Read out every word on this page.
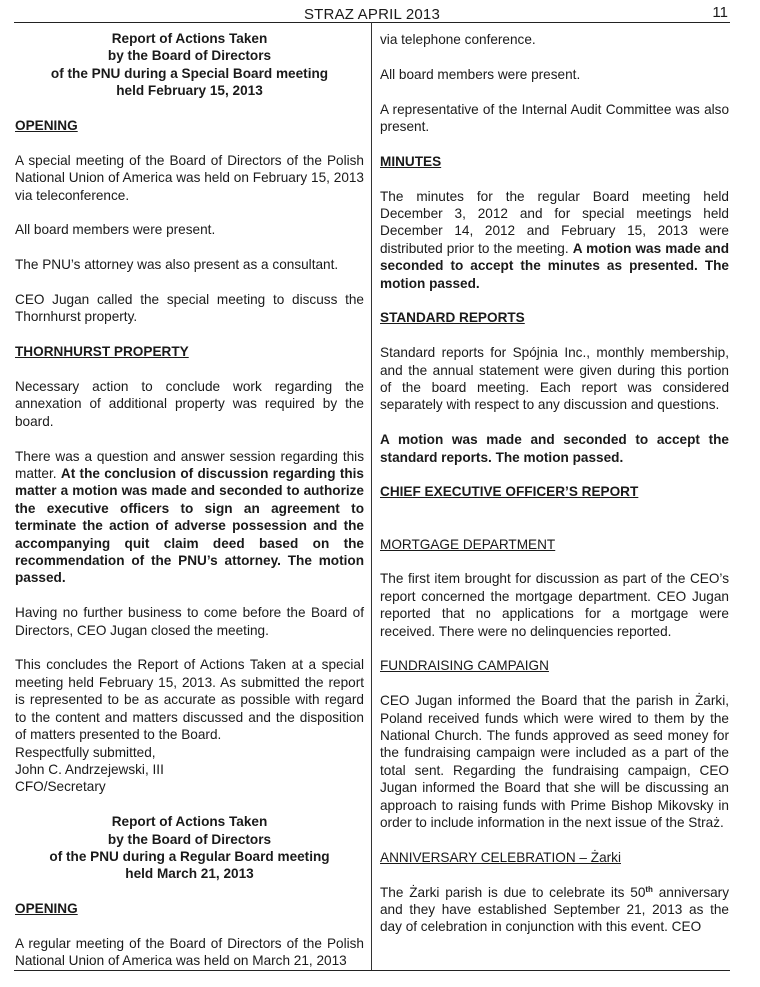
STRAZ APRIL 2013	11

Report of Actions Taken
by the Board of Directors
of the PNU during a Special Board meeting
held February 15, 2013

OPENING

A special meeting of the Board of Directors of the Polish National Union of America was held on February 15, 2013 via teleconference.

All board members were present.

The PNU’s attorney was also present as a consultant.

CEO Jugan called the special meeting to discuss the Thornhurst property.

THORNHURST PROPERTY

Necessary action to conclude work regarding the annexation of additional property was required by the board.

There was a question and answer session regarding this matter. At the conclusion of discussion regarding this matter a motion was made and seconded to authorize the executive officers to sign an agreement to terminate the action of adverse possession and the accompanying quit claim deed based on the recommendation of the PNU’s attorney. The motion passed.

Having no further business to come before the Board of Directors, CEO Jugan closed the meeting.

This concludes the Report of Actions Taken at a special meeting held February 15, 2013. As submitted the report is represented to be as accurate as possible with regard to the content and matters discussed and the disposition of matters presented to the Board.

Respectfully submitted,
John C. Andrzejewski, III
CFO/Secretary

Report of Actions Taken
by the Board of Directors
of the PNU during a Regular Board meeting
held March 21, 2013

OPENING

A regular meeting of the Board of Directors of the Polish National Union of America was held on March 21, 2013

via telephone conference.

All board members were present.

A representative of the Internal Audit Committee was also present.

MINUTES

The minutes for the regular Board meeting held December 3, 2012 and for special meetings held December 14, 2012 and February 15, 2013 were distributed prior to the meeting. A motion was made and seconded to accept the minutes as presented. The motion passed.

STANDARD REPORTS

Standard reports for Spójnia Inc., monthly membership, and the annual statement were given during this portion of the board meeting. Each report was considered separately with respect to any discussion and questions.

A motion was made and seconded to accept the standard reports. The motion passed.

CHIEF EXECUTIVE OFFICER’S REPORT
MORTGAGE DEPARTMENT

The first item brought for discussion as part of the CEO’s report concerned the mortgage department. CEO Jugan reported that no applications for a mortgage were received. There were no delinquencies reported.

FUNDRAISING CAMPAIGN

CEO Jugan informed the Board that the parish in Żarki, Poland received funds which were wired to them by the National Church. The funds approved as seed money for the fundraising campaign were included as a part of the total sent. Regarding the fundraising campaign, CEO Jugan informed the Board that she will be discussing an approach to raising funds with Prime Bishop Mikovsky in order to include information in the next issue of the Straż.

ANNIVERSARY CELEBRATION – Żarki

The Żarki parish is due to celebrate its 50th anniversary and they have established September 21, 2013 as the day of celebration in conjunction with this event. CEO
